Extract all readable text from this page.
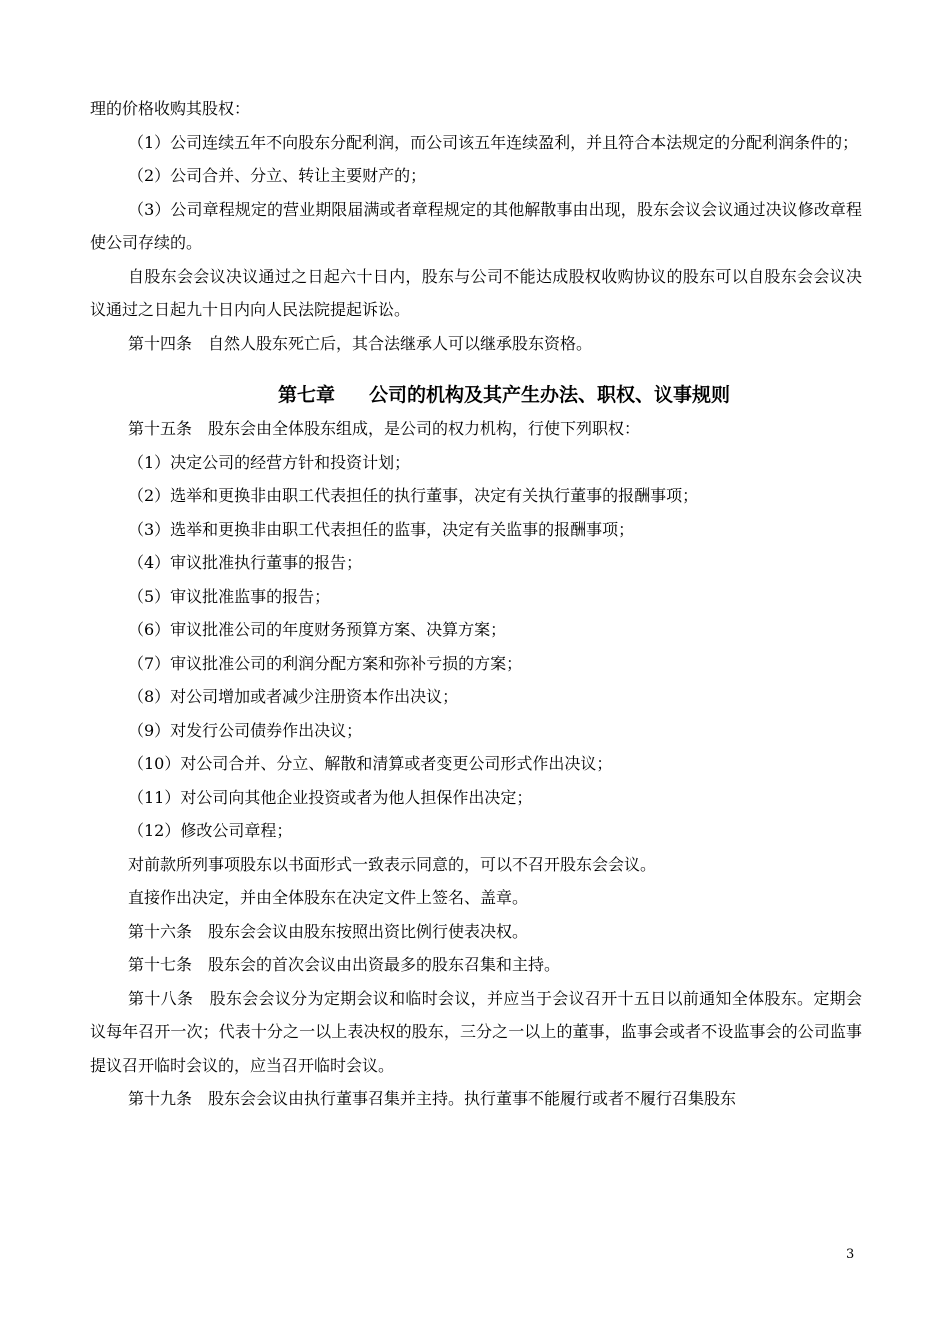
理的价格收购其股权：

（1）公司连续五年不向股东分配利润，而公司该五年连续盈利，并且符合本法规定的分配利润条件的；

（2）公司合并、分立、转让主要财产的；

（3）公司章程规定的营业期限届满或者章程规定的其他解散事由出现，股东会议会议通过决议修改章程使公司存续的。

自股东会会议决议通过之日起六十日内，股东与公司不能达成股权收购协议的股东可以自股东会会议决议通过之日起九十日内向人民法院提起诉讼。

第十四条　自然人股东死亡后，其合法继承人可以继承股东资格。

第七章 公司的机构及其产生办法、职权、议事规则

第十五条　股东会由全体股东组成，是公司的权力机构，行使下列职权：

（1）决定公司的经营方针和投资计划；

（2）选举和更换非由职工代表担任的执行董事，决定有关执行董事的报酬事项；

（3）选举和更换非由职工代表担任的监事，决定有关监事的报酬事项；

（4）审议批准执行董事的报告；

（5）审议批准监事的报告；

（6）审议批准公司的年度财务预算方案、决算方案；

（7）审议批准公司的利润分配方案和弥补亏损的方案；

（8）对公司增加或者减少注册资本作出决议；

（9）对发行公司债券作出决议；

（10）对公司合并、分立、解散和清算或者变更公司形式作出决议；

（11）对公司向其他企业投资或者为他人担保作出决定；

（12）修改公司章程；

对前款所列事项股东以书面形式一致表示同意的，可以不召开股东会会议。

直接作出决定，并由全体股东在决定文件上签名、盖章。

第十六条　股东会会议由股东按照出资比例行使表决权。

第十七条　股东会的首次会议由出资最多的股东召集和主持。

第十八条　股东会会议分为定期会议和临时会议，并应当于会议召开十五日以前通知全体股东。定期会议每年召开一次；代表十分之一以上表决权的股东，三分之一以上的董事，监事会或者不设监事会的公司监事提议召开临时会议的，应当召开临时会议。

第十九条　股东会会议由执行董事召集并主持。执行董事不能履行或者不履行召集股东

3
